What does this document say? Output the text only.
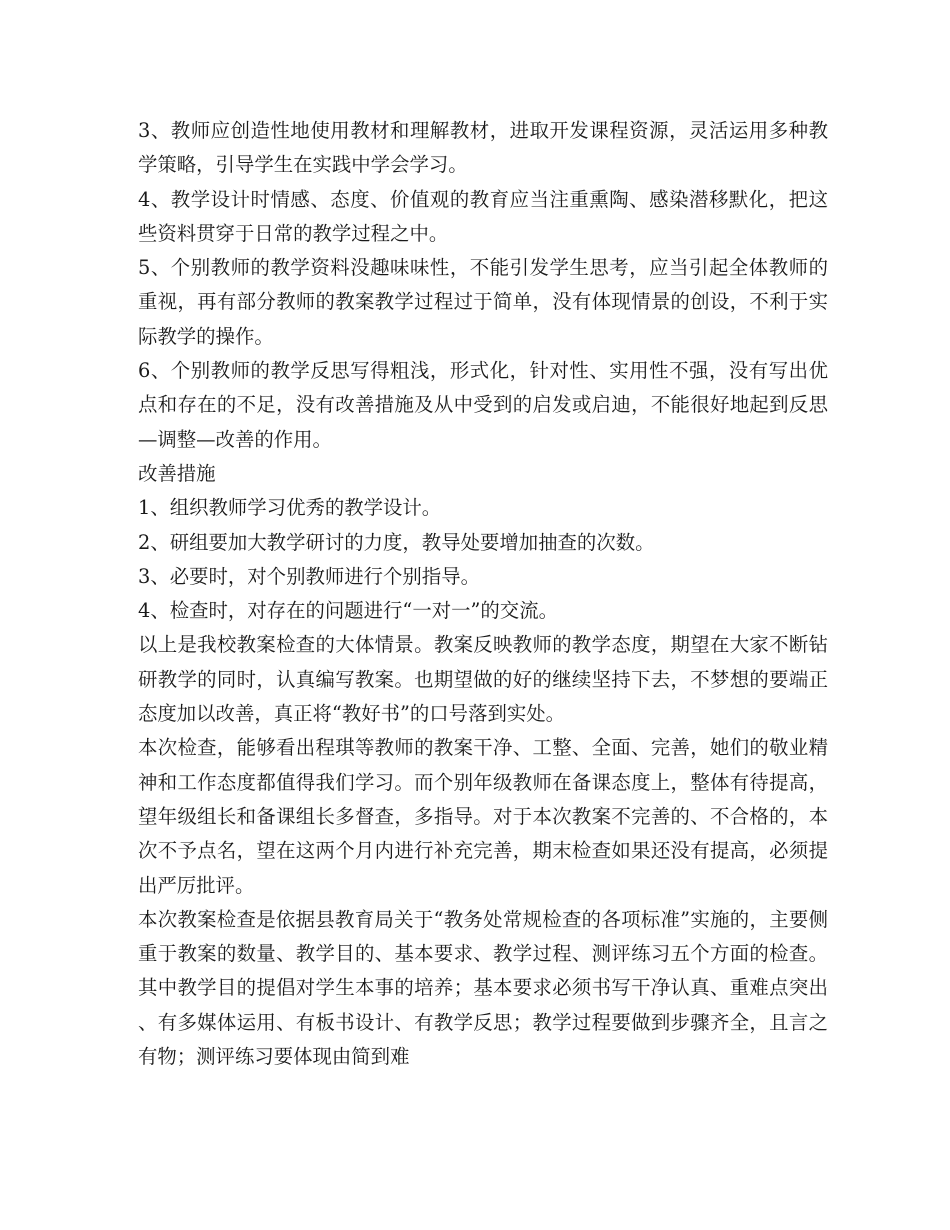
3、教师应创造性地使用教材和理解教材，进取开发课程资源，灵活运用多种教学策略，引导学生在实践中学会学习。

4、教学设计时情感、态度、价值观的教育应当注重熏陶、感染潜移默化，把这些资料贯穿于日常的教学过程之中。

5、个别教师的教学资料没趣味味性，不能引发学生思考，应当引起全体教师的重视，再有部分教师的教案教学过程过于简单，没有体现情景的创设，不利于实际教学的操作。

6、个别教师的教学反思写得粗浅，形式化，针对性、实用性不强，没有写出优点和存在的不足，没有改善措施及从中受到的启发或启迪，不能很好地起到反思—调整—改善的作用。

改善措施

1、组织教师学习优秀的教学设计。

2、研组要加大教学研讨的力度，教导处要增加抽查的次数。

3、必要时，对个别教师进行个别指导。

4、检查时，对存在的问题进行“一对一”的交流。

以上是我校教案检查的大体情景。教案反映教师的教学态度，期望在大家不断钻研教学的同时，认真编写教案。也期望做的好的继续坚持下去，不梦想的要端正态度加以改善，真正将“教好书”的口号落到实处。

本次检查，能够看出程琪等教师的教案干净、工整、全面、完善，她们的敬业精神和工作态度都值得我们学习。而个别年级教师在备课态度上，整体有待提高，望年级组长和备课组长多督查，多指导。对于本次教案不完善的、不合格的，本次不予点名，望在这两个月内进行补充完善，期末检查如果还没有提高，必须提出严厉批评。

本次教案检查是依据县教育局关于“教务处常规检查的各项标准”实施的，主要侧重于教案的数量、教学目的、基本要求、教学过程、测评练习五个方面的检查。其中教学目的提倡对学生本事的培养；基本要求必须书写干净认真、重难点突出、有多媒体运用、有板书设计、有教学反思；教学过程要做到步骤齐全，且言之有物；测评练习要体现由简到难
